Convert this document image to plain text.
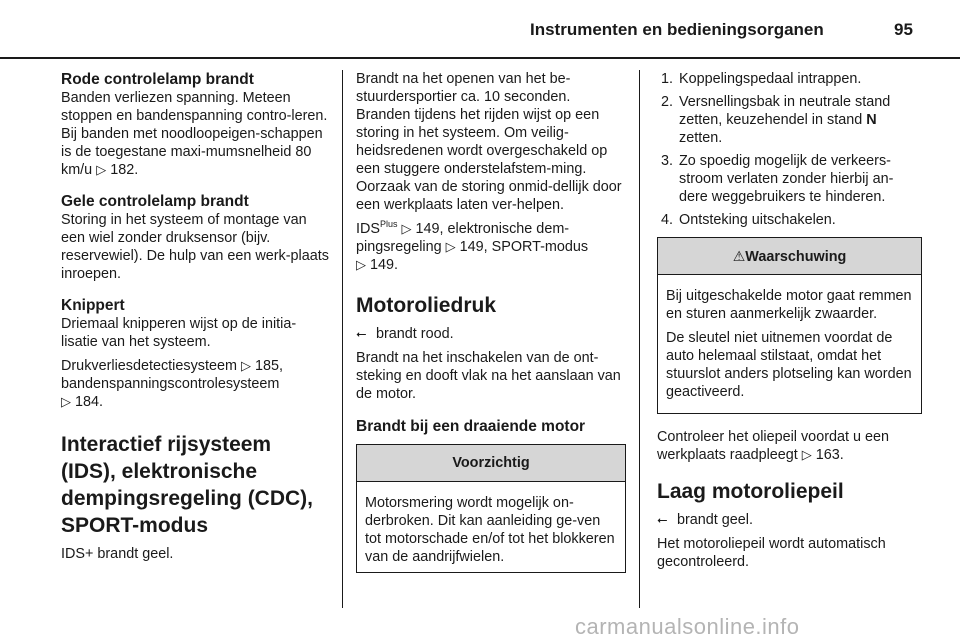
Instrumenten en bedieningsorganen	95
Rode controlelamp brandt
Banden verliezen spanning. Meteen stoppen en bandenspanning contro-leren. Bij banden met noodloopeigen-schappen is de toegestane maxi-mumsnelheid 80 km/u ▷ 182.
Gele controlelamp brandt
Storing in het systeem of montage van een wiel zonder druksensor (bijv. reservewiel). De hulp van een werk-plaats inroepen.
Knippert

Driemaal knipperen wijst op de initia-lisatie van het systeem.

Drukverliesdetectiesysteem ▷ 185,
bandenspanningscontrolesysteem
▷ 184.
Interactief rijsysteem (IDS), elektronische dempingsregeling (CDC), SPORT-modus
IDS+ brandt geel.

Brandt na het openen van het be-stuurdersportier ca. 10 seconden. Branden tijdens het rijden wijst op een storing in het systeem. Om veilig-heidsredenen wordt overgeschakeld op een stuggere onderstelafstem-ming. Oorzaak van de storing onmid-dellijk door een werkplaats laten ver-helpen.

$IDS^{Plus}$ ▷ 149, elektronische dem-pingsregeling ▷ 149, SPORT-modus
▷ 149.

Motoroliedruk

⭠ brandt rood.

Brandt na het inschakelen van de ont-steking en dooft vlak na het aanslaan van de motor.

Brandt bij een draaiende motor
Voorzichtig
Motorsmering wordt mogelijk on-derbroken. Dit kan aanleiding ge-ven tot motorschade en/of tot het blokkeren van de aandrijfwielen.
1. Koppelingspedaal intrappen.
2. Versnellingsbak in neutrale stand zetten, keuzehendel in stand N zetten.
3. Zo spoedig mogelijk de verkeers-stroom verlaten zonder hierbij an-dere weggebruikers te hinderen.
4. Ontsteking uitschakelen.
⚠Waarschuwing

Bij uitgeschakelde motor gaat remmen en sturen aanmerkelijk zwaarder.

De sleutel niet uitnemen voordat de auto helemaal stilstaat, omdat het stuurslot anders plotseling kan worden geactiveerd.

Controleer het oliepeil voordat u een werkplaats raadpleegt ▷ 163.

Laag motoroliepeil

⭠ brandt geel.

Het motoroliepeil wordt automatisch gecontroleerd.

carmanualsonline.info
